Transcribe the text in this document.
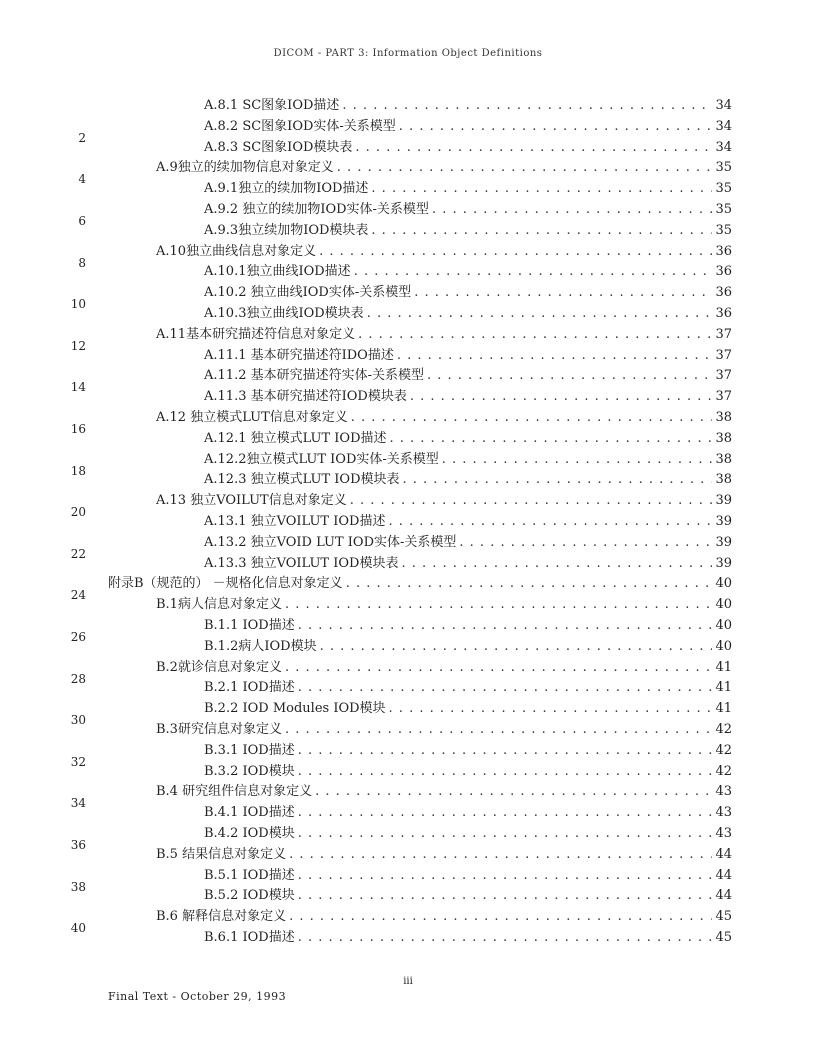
DICOM - PART 3: Information Object Definitions
A.8.1 SC图象IOD描述 . . .	34
2
A.8.2 SC图象IOD实体-关系模型 . . .	34
A.8.3 SC图象IOD模块表 . . .	34
4
A.9独立的续加物信息对象定义 . . .	35
A.9.1独立的续加物IOD描述 . . .	35
6
A.9.2 独立的续加物IOD实体-关系模型 . . .	35
A.9.3独立续加物IOD模块表 . . .	35
8
A.10独立曲线信息对象定义 . . .	36
A.10.1独立曲线IOD描述 . . .	36
10
A.10.2 独立曲线IOD实体-关系模型 . . .	36
A.10.3独立曲线IOD模块表 . . .	36
12
A.11基本研究描述符信息对象定义 . . .	37
A.11.1 基本研究描述符IDO描述 . . .	37
14
A.11.2 基本研究描述符实体-关系模型 . . .	37
A.11.3 基本研究描述符IOD模块表 . . .	37
16
A.12 独立模式LUT信息对象定义 . . .	38
A.12.1 独立模式LUT IOD描述 . . .	38
18
A.12.2独立模式LUT IOD实体-关系模型 . . .	38
A.12.3 独立模式LUT IOD模块表 . . .	38
20
A.13 独立VOILUT信息对象定义 . . .	39
A.13.1 独立VOILUT IOD描述 . . .	39
22
A.13.2 独立VOID LUT IOD实体-关系模型 . . .	39
A.13.3 独立VOILUT IOD模块表 . . .	39
24
附录B（规范的） －规格化信息对象定义 . . .	40
B.1病人信息对象定义 . . .	40
26
B.1.1 IOD描述 . . .	40
B.1.2病人IOD模块 . . .	40
28
B.2就诊信息对象定义 . . .	41
B.2.1 IOD描述 . . .	41
30
B.2.2 IOD Modules IOD模块 . . .	41
B.3研究信息对象定义 . . .	42
32
B.3.1 IOD描述 . . .	42
B.3.2 IOD模块 . . .	42
34
B.4 研究组件信息对象定义 . . .	43
B.4.1 IOD描述 . . .	43
36
B.4.2 IOD模块 . . .	43
B.5 结果信息对象定义 . . .	44
38
B.5.1 IOD描述 . . .	44
B.5.2 IOD模块 . . .	44
40
B.6 解释信息对象定义 . . .	45
B.6.1 IOD描述 . . .	45
iii
Final Text - October 29, 1993
